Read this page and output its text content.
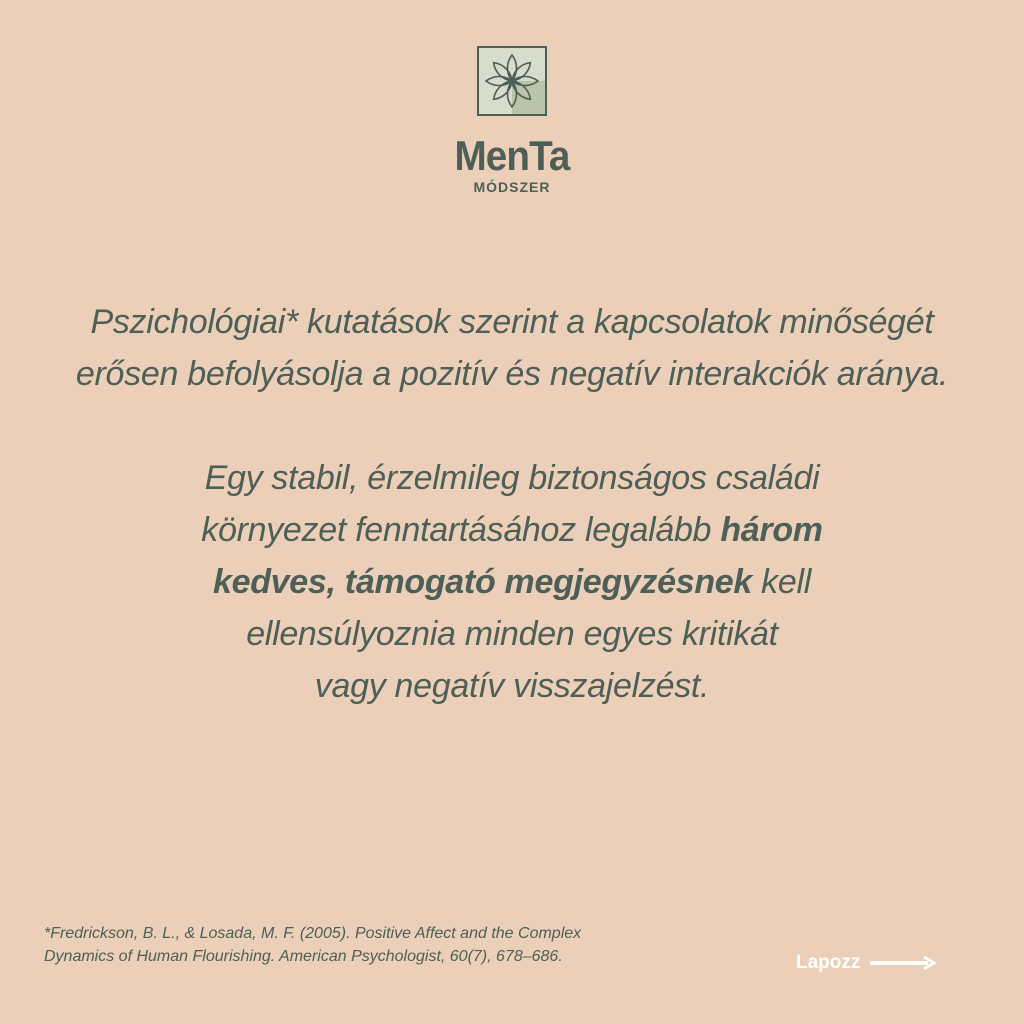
MenTa
MÓDSZER

Pszichológiai* kutatások szerint a kapcsolatok minőségét erősen befolyásolja a pozitív és negatív interakciók aránya.

Egy stabil, érzelmileg biztonságos családi
környezet fenntartásához legalább három
kedves, támogató megjegyzésnek kell
ellensúlyoznia minden egyes kritikát
vagy negatív visszajelzést.

*Fredrickson, B. L., & Losada, M. F. (2005). Positive Affect and the Complex
Dynamics of Human Flourishing. American Psychologist, 60(7), 678–686.	Lapozz
